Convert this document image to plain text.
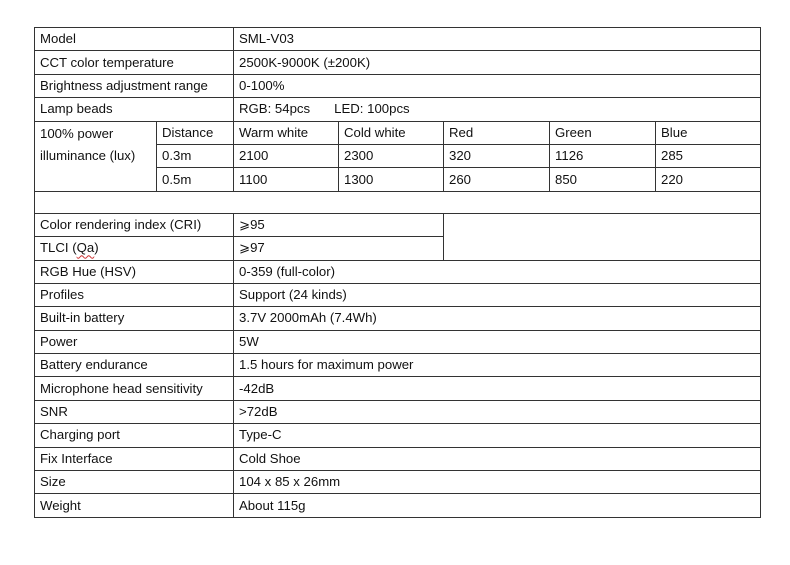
Model		SML-V03				
CCT color temperature		2500K-9000K (±200K)				
Brightness adjustment range		0-100%				
Lamp beads		RGB: 54pcs LED: 100pcs				
100% power
illuminance (lux)	Distance	Warm white	Cold white	Red	Green	Blue
	0.3m	2100	2300	320	1126	285
	0.5m	1100	1300	260	850	220

Color rendering index (CRI)		⩾95				
TLCI (Qa)		⩾97				
RGB Hue (HSV)		0-359 (full-color)				
Profiles		Support (24 kinds)				
Built-in battery		3.7V 2000mAh (7.4Wh)				
Power		5W				
Battery endurance		1.5 hours for maximum power				
Microphone head sensitivity		-42dB				
SNR		>72dB				
Charging port		Type-C				
Fix Interface		Cold Shoe				
Size		104 x 85 x 26mm				
Weight		About 115g				
